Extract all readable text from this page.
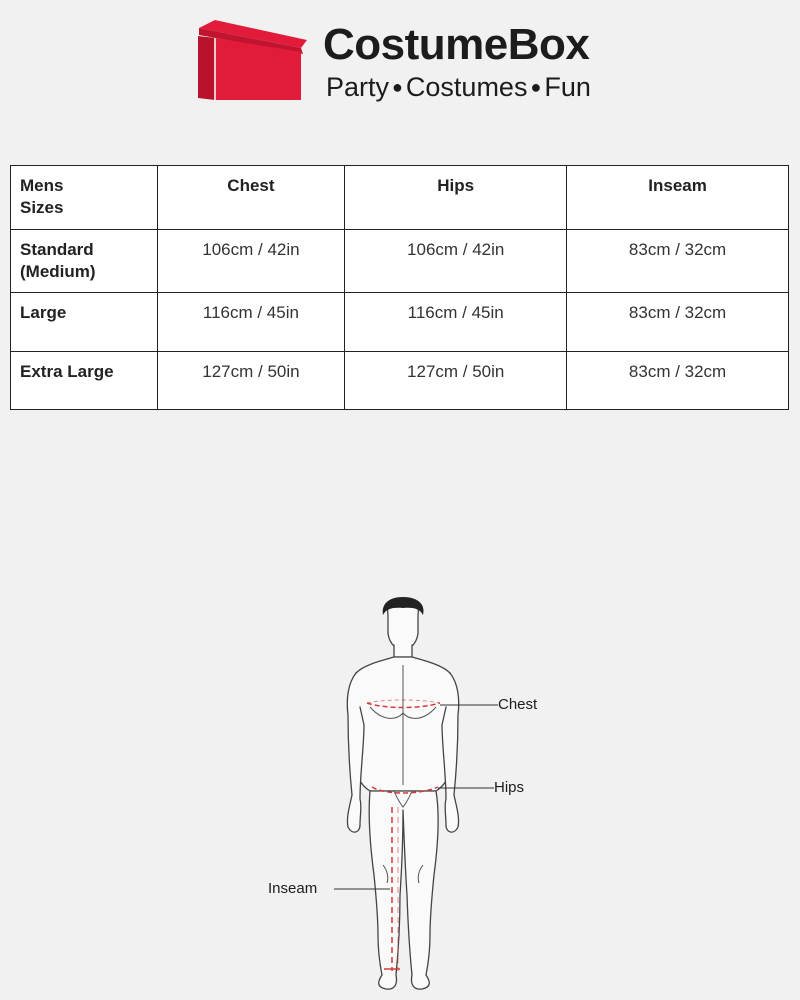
CostumeBox
Party ● Costumes ● Fun
Mens
Sizes	Chest	Hips	Inseam
Standard
(Medium)	106cm / 42in	106cm / 42in	83cm / 32cm
Large	116cm / 45in	116cm / 45in	83cm / 32cm
Extra Large	127cm / 50in	127cm / 50in	83cm / 32cm
Chest
Hips
Inseam
